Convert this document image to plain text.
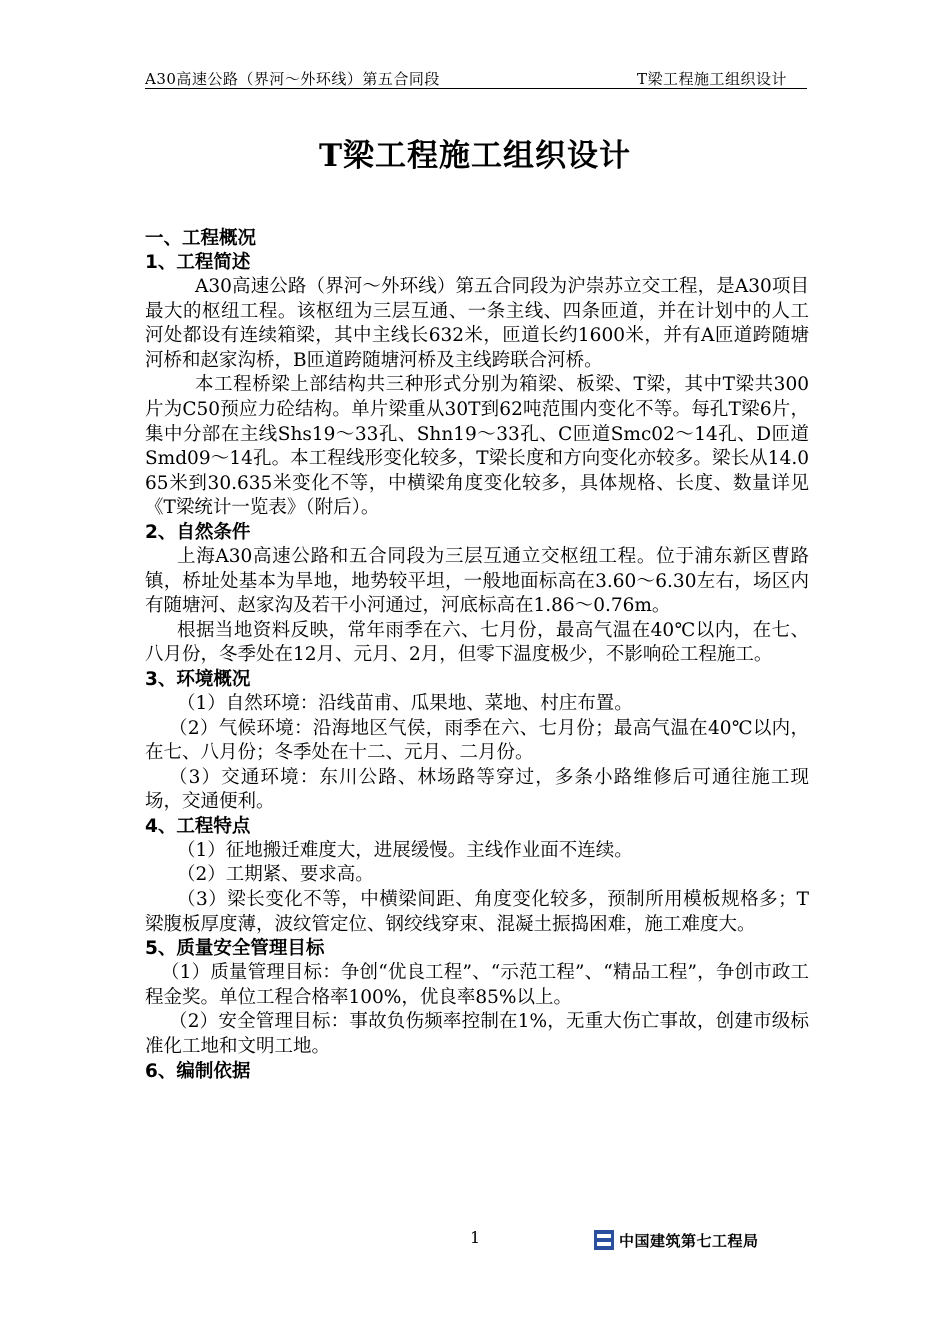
A30高速公路（界河～外环线）第五合同段	T梁工程施工组织设计
T梁工程施工组织设计
一、工程概况
1、工程简述
A30高速公路（界河～外环线）第五合同段为沪崇苏立交工程，是A30项目最大的枢纽工程。该枢纽为三层互通、一条主线、四条匝道，并在计划中的人工河处都设有连续箱梁，其中主线长632米，匝道长约1600米，并有A匝道跨随塘河桥和赵家沟桥，B匝道跨随塘河桥及主线跨联合河桥。
本工程桥梁上部结构共三种形式分别为箱梁、板梁、T梁，其中T梁共300片为C50预应力砼结构。单片梁重从30T到62吨范围内变化不等。每孔T梁6片，集中分部在主线Shs19～33孔、Shn19～33孔、C匝道Smc02～14孔、D匝道Smd09～14孔。本工程线形变化较多，T梁长度和方向变化亦较多。梁长从14.065米到30.635米变化不等，中横梁角度变化较多，具体规格、长度、数量详见《T梁统计一览表》（附后）。
2、自然条件
上海A30高速公路和五合同段为三层互通立交枢纽工程。位于浦东新区曹路镇，桥址处基本为旱地，地势较平坦，一般地面标高在3.60～6.30左右，场区内有随塘河、赵家沟及若干小河通过，河底标高在1.86～0.76m。
根据当地资料反映，常年雨季在六、七月份，最高气温在40℃以内，在七、八月份，冬季处在12月、元月、2月，但零下温度极少，不影响砼工程施工。
3、环境概况
（1）自然环境：沿线苗甫、瓜果地、菜地、村庄布置。
（2）气候环境：沿海地区气侯，雨季在六、七月份；最高气温在40℃以内，在七、八月份；冬季处在十二、元月、二月份。
（3）交通环境：东川公路、林场路等穿过，多条小路维修后可通往施工现场，交通便利。
4、工程特点
（1）征地搬迁难度大，进展缓慢。主线作业面不连续。
（2）工期紧、要求高。
（3）梁长变化不等，中横梁间距、角度变化较多，预制所用模板规格多；T梁腹板厚度薄，波纹管定位、钢绞线穿束、混凝土振捣困难，施工难度大。
5、质量安全管理目标
（1）质量管理目标：争创“优良工程”、“示范工程”、“精品工程”，争创市政工程金奖。单位工程合格率100%，优良率85%以上。
（2）安全管理目标：事故负伤频率控制在1%，无重大伤亡事故，创建市级标准化工地和文明工地。
6、编制依据
1	中国建筑第七工程局
